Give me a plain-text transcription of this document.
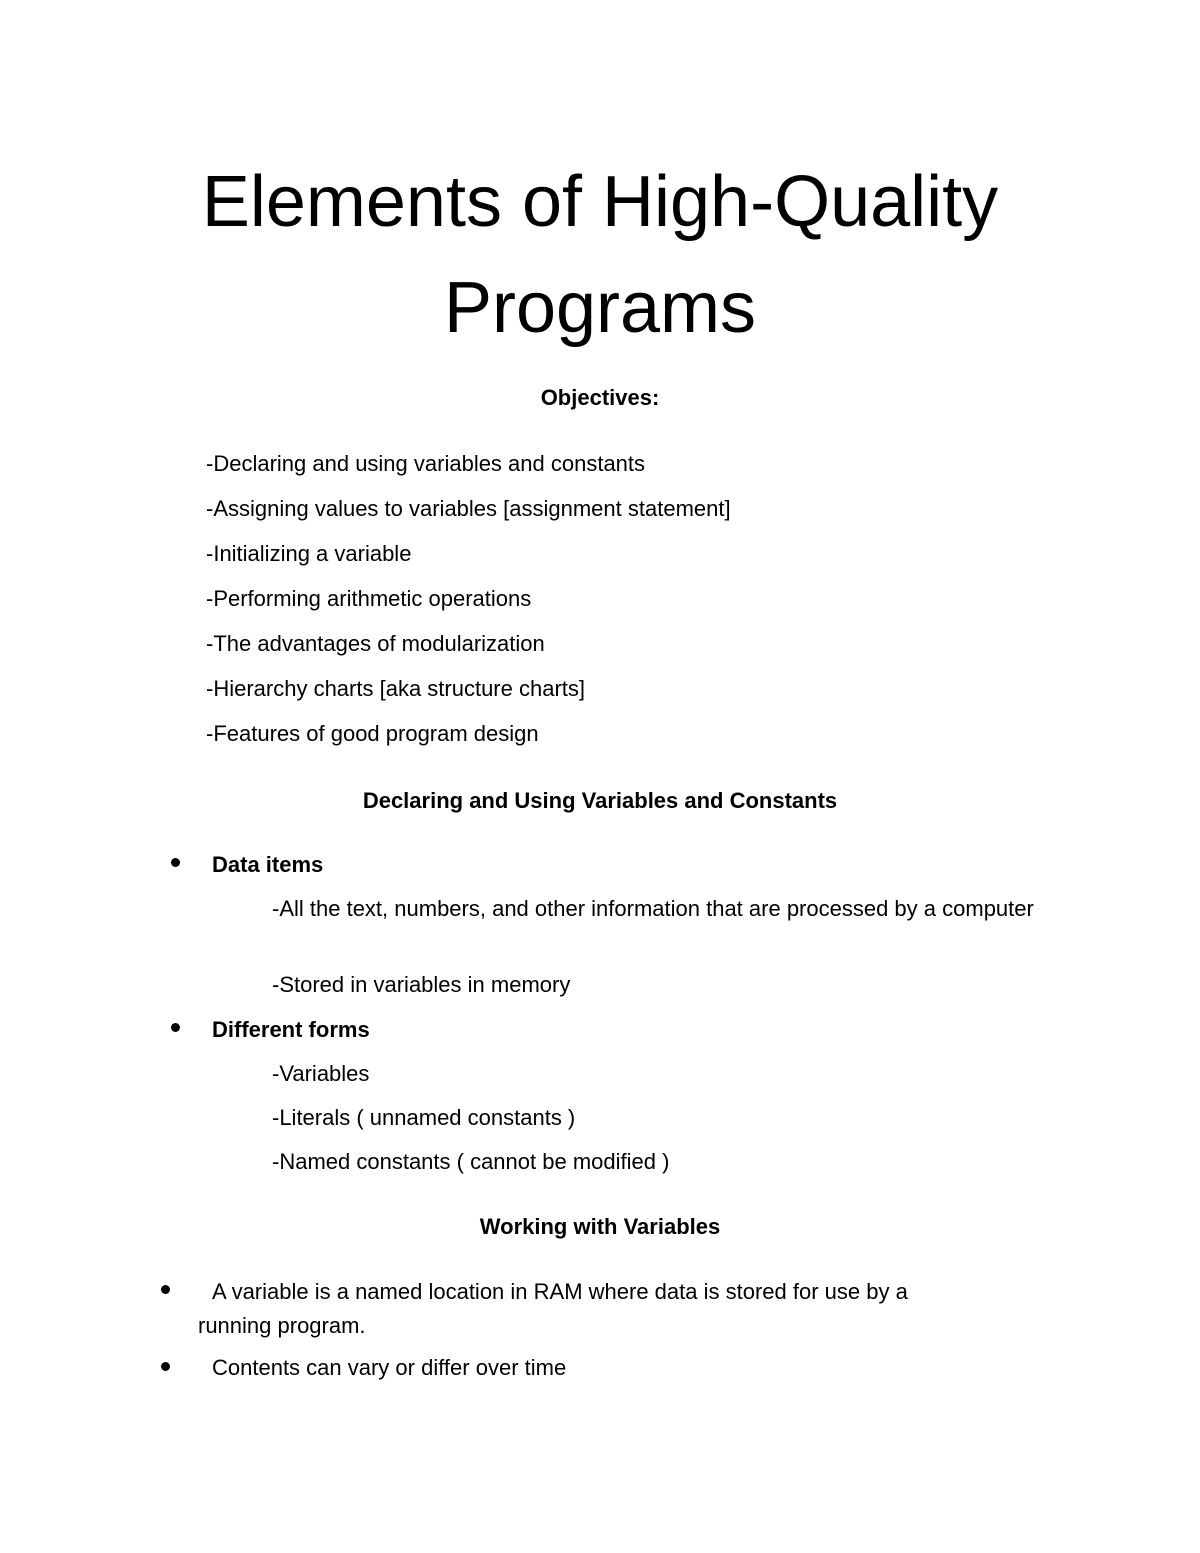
Elements of High-Quality
Programs
Objectives:
-Declaring and using variables and constants
-Assigning values to variables [assignment statement]
-Initializing a variable
-Performing arithmetic operations
-The advantages of modularization
-Hierarchy charts [aka structure charts]
-Features of good program design
Declaring and Using Variables and Constants
Data items
-All the text, numbers, and other information that are processed by a computer
-Stored in variables in memory
Different forms
-Variables
-Literals ( unnamed constants )
-Named constants ( cannot be modified )
Working with Variables
A variable is a named location in RAM where data is stored for use by a
running program.
Contents can vary or differ over time
